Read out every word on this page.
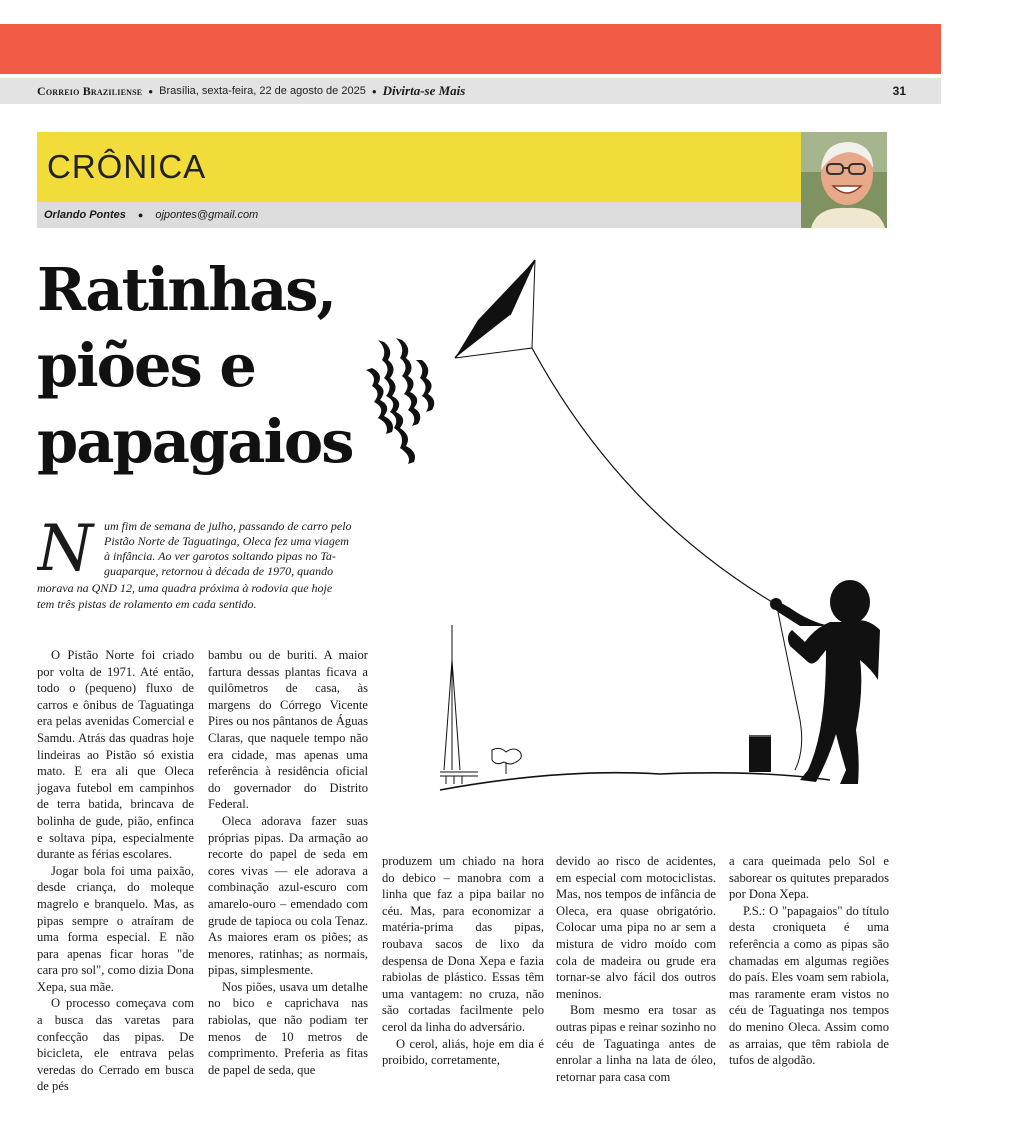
Correio Braziliense ● Brasília, sexta-feira, 22 de agosto de 2025 ● Divirta-se Mais	31
CRÔNICA
Orlando Pontes ● ojpontes@gmail.com
Ratinhas,
piões e
papagaios
N um fim de semana de julho, passando de carro pelo
Pistão Norte de Taguatinga, Oleca fez uma viagem
à infância. Ao ver garotos soltando pipas no Ta-
guaparque, retornou à década de 1970, quando
morava na QND 12, uma quadra próxima à rodovia que hoje
tem três pistas de rolamento em cada sentido.

O Pistão Norte foi criado por volta de 1971. Até então, todo o (pequeno) fluxo de carros e ônibus de Taguatinga era pelas avenidas Comercial e Samdu. Atrás das quadras hoje lindeiras ao Pistão só existia mato. E era ali que Oleca jogava futebol em campinhos de terra batida, brincava de bolinha de gude, pião, enfinca e soltava pipa, especialmente durante as férias escolares.

Jogar bola foi uma paixão, desde criança, do moleque magrelo e branquelo. Mas, as pipas sempre o atraíram de uma forma especial. E não para apenas ficar horas "de cara pro sol", como dizia Dona Xepa, sua mãe.

O processo começava com a busca das varetas para confecção das pipas. De bicicleta, ele entrava pelas veredas do Cerrado em busca de pés

bambu ou de buriti. A maior fartura dessas plantas ficava a quilômetros de casa, às margens do Córrego Vicente Pires ou nos pântanos de Águas Claras, que naquele tempo não era cidade, mas apenas uma referência à residência oficial do governador do Distrito Federal.

Oleca adorava fazer suas próprias pipas. Da armação ao recorte do papel de seda em cores vivas — ele adorava a combinação azul-escuro com amarelo-ouro – emendado com grude de tapioca ou cola Tenaz. As maiores eram os piões; as menores, ratinhas; as normais, pipas, simplesmente.

Nos piões, usava um detalhe no bico e caprichava nas rabiolas, que não podiam ter menos de 10 metros de comprimento. Preferia as fitas de papel de seda, que

produzem um chiado na hora do debico – manobra com a linha que faz a pipa bailar no céu. Mas, para economizar a matéria-prima das pipas, roubava sacos de lixo da despensa de Dona Xepa e fazia rabiolas de plástico. Essas têm uma vantagem: no cruza, não são cortadas facilmente pelo cerol da linha do adversário.

O cerol, aliás, hoje em dia é proibido, corretamente,

devido ao risco de acidentes, em especial com motociclistas. Mas, nos tempos de infância de Oleca, era quase obrigatório. Colocar uma pipa no ar sem a mistura de vidro moído com cola de madeira ou grude era tornar-se alvo fácil dos outros meninos.

Bom mesmo era tosar as outras pipas e reinar sozinho no céu de Taguatinga antes de enrolar a linha na lata de óleo, retornar para casa com

a cara queimada pelo Sol e saborear os quitutes preparados por Dona Xepa.

P.S.: O "papagaios" do título desta croniqueta é uma referência a como as pipas são chamadas em algumas regiões do país. Eles voam sem rabiola, mas raramente eram vistos no céu de Taguatinga nos tempos do menino Oleca. Assim como as arraias, que têm rabiola de tufos de algodão.
